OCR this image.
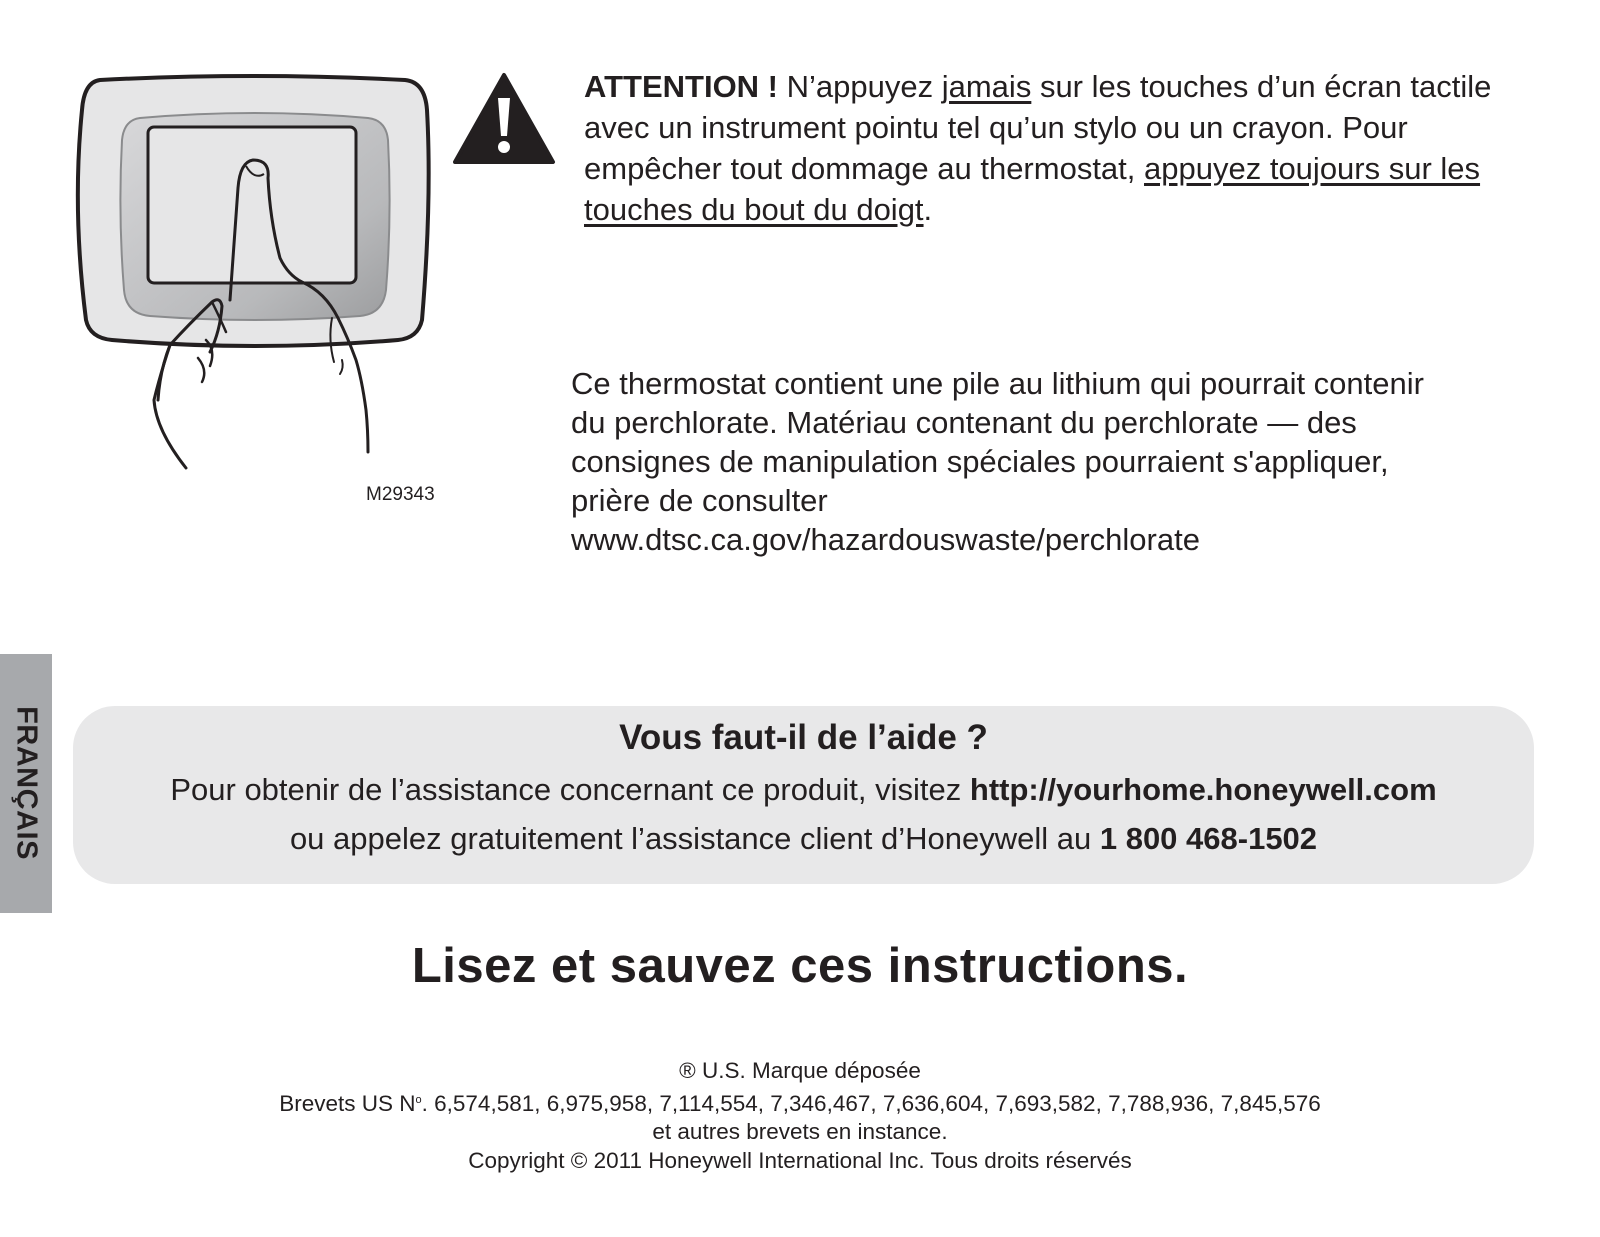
M29343
ATTENTION ! N’appuyez jamais sur les touches d’un écran tactile avec un instrument pointu tel qu’un stylo ou un crayon. Pour empêcher tout dommage au thermostat, appuyez toujours sur les touches du bout du doigt.
Ce thermostat contient une pile au lithium qui pourrait contenir
du perchlorate. Matériau contenant du perchlorate — des
consignes de manipulation spéciales pourraient s'appliquer,
prière de consulter
www.dtsc.ca.gov/hazardouswaste/perchlorate
FRANÇAIS	Vous faut-il de l’aide ?
Pour obtenir de l’assistance concernant ce produit, visitez http://yourhome.honeywell.com
ou appelez gratuitement l’assistance client d’Honeywell au 1 800 468-1502
Lisez et sauvez ces instructions.
® U.S. Marque déposée
Brevets US $N^o$. 6,574,581, 6,975,958, 7,114,554, 7,346,467, 7,636,604, 7,693,582, 7,788,936, 7,845,576
et autres brevets en instance.
Copyright © 2011 Honeywell International Inc. Tous droits réservés
